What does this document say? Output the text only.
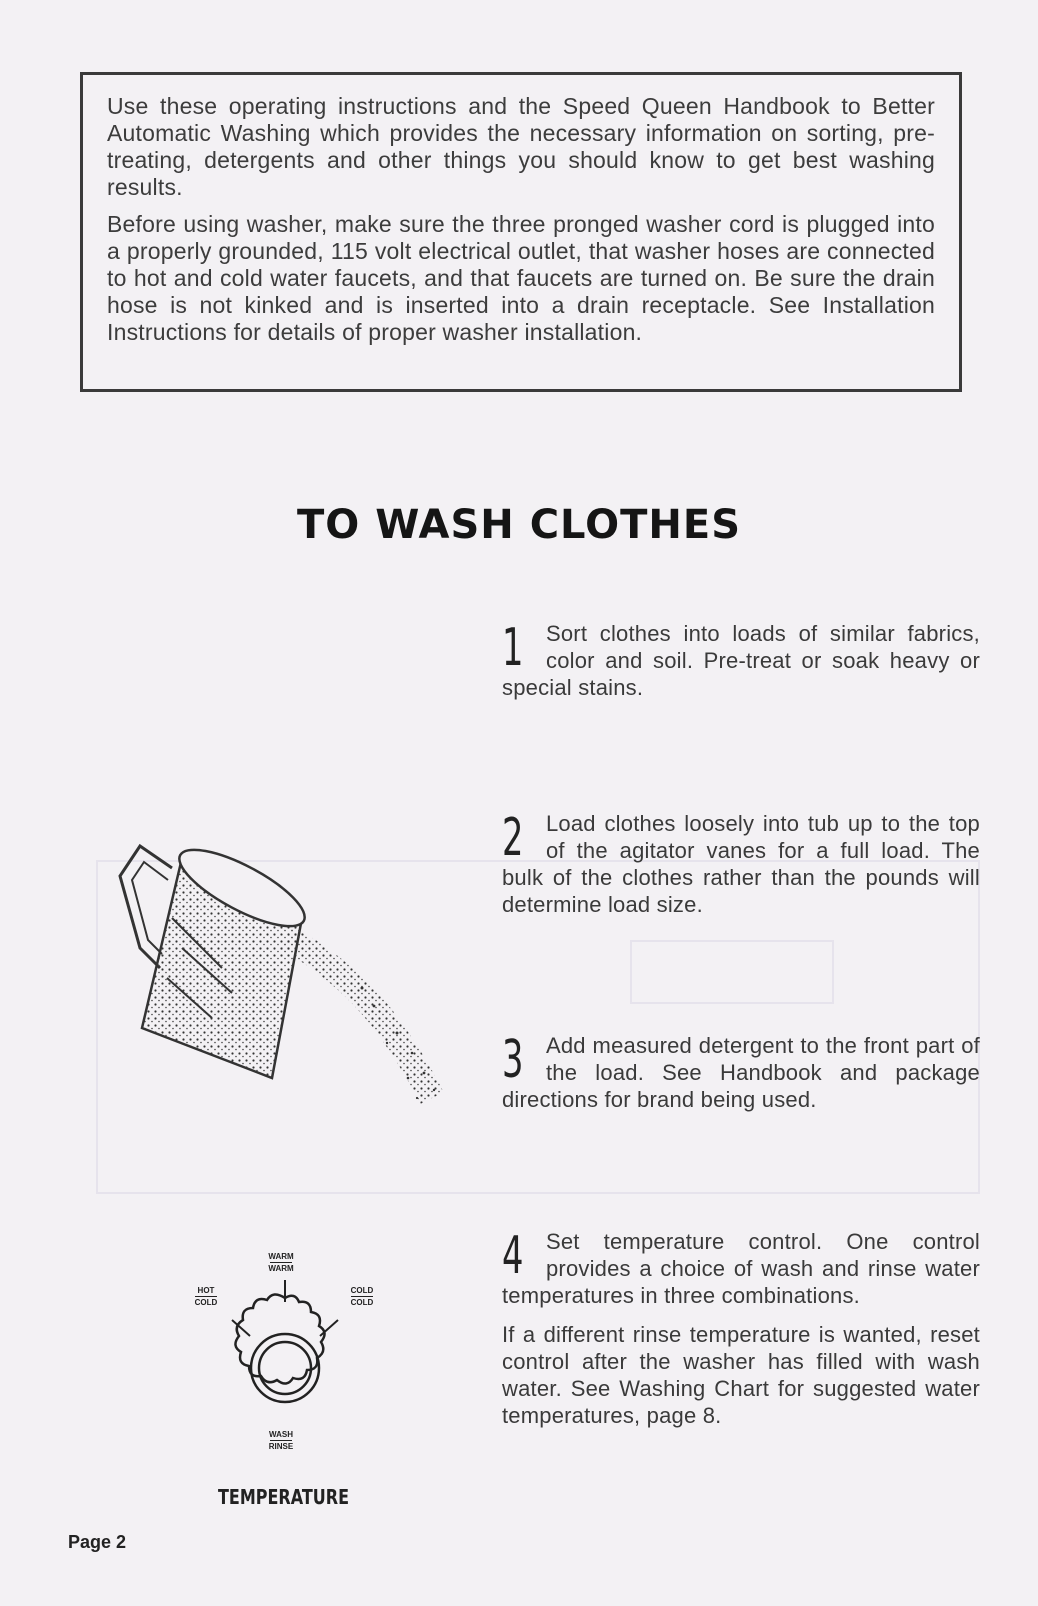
Use these operating instructions and the Speed Queen Handbook to Better Automatic Washing which provides the necessary information on sorting, pre-treating, detergents and other things you should know to get best washing results.

Before using washer, make sure the three pronged washer cord is plugged into a properly grounded, 115 volt electrical outlet, that washer hoses are connected to hot and cold water faucets, and that faucets are turned on. Be sure the drain hose is not kinked and is inserted into a drain receptacle. See Installation Instructions for details of proper washer installation.

TO WASH CLOTHES
1	Sort clothes into loads of similar fabrics, color and soil. Pre-treat or soak heavy or special stains.

2	Load clothes loosely into tub up to the top of the agitator vanes for a full load. The bulk of the clothes rather than the pounds will determine load size.

3	Add measured detergent to the front part of the load. See Handbook and package directions for brand being used.

4	Set temperature control. One control provides a choice of wash and rinse water temperatures in three combinations.

If a different rinse temperature is wanted, reset control after the washer has filled with wash water. See Washing Chart for suggested water temperatures, page 8.

WARM
WARM
HOT
COLD
COLD
COLD
WASH
RINSE
TEMPERATURE
Page 2
